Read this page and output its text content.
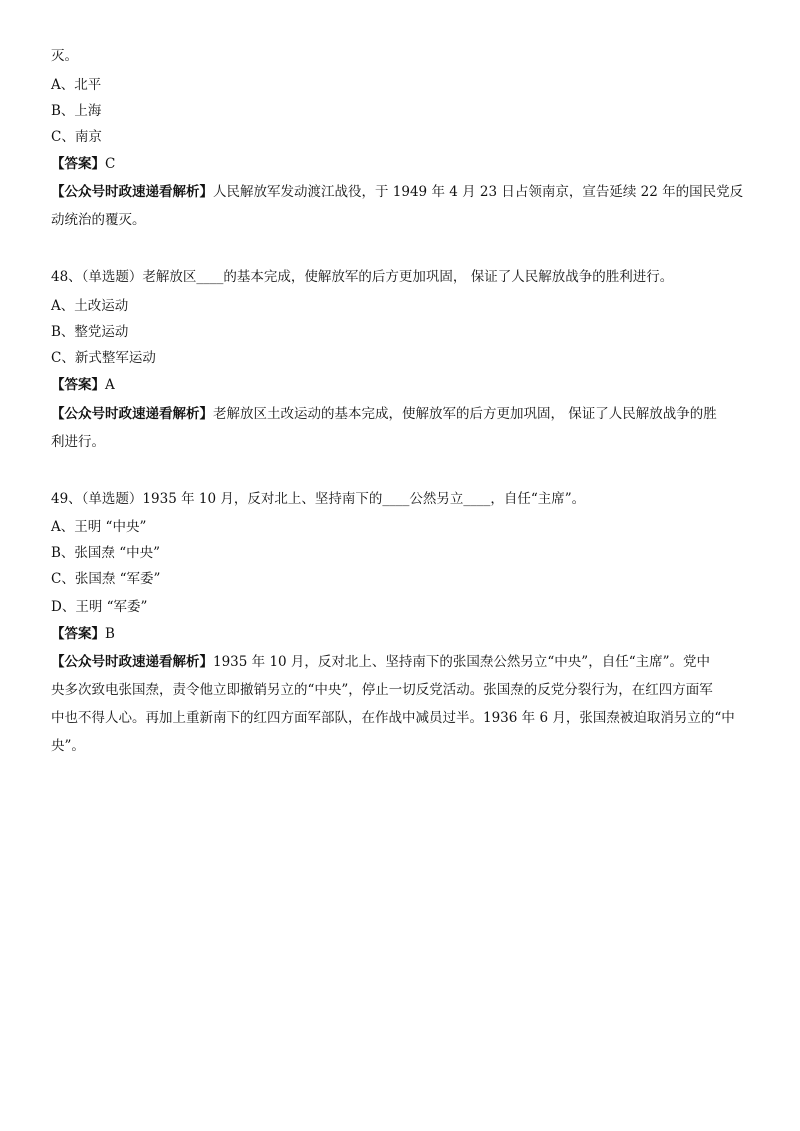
灭。
A、北平
B、上海
C、南京
【答案】C
【公众号时政速递看解析】人民解放军发动渡江战役，于 1949 年 4 月 23 日占领南京，宣告延续 22 年的国民党反
动统治的覆灭。
48、（单选题）老解放区____的基本完成，使解放军的后方更加巩固， 保证了人民解放战争的胜利进行。
A、土改运动
B、整党运动
C、新式整军运动
【答案】A
【公众号时政速递看解析】老解放区土改运动的基本完成，使解放军的后方更加巩固， 保证了人民解放战争的胜
利进行。
49、（单选题）1935 年 10 月，反对北上、坚持南下的____公然另立____，自任“主席”。
A、王明 “中央”
B、张国焘 “中央”
C、张国焘 “军委”
D、王明 “军委”
【答案】B
【公众号时政速递看解析】1935 年 10 月，反对北上、坚持南下的张国焘公然另立“中央”，自任“主席”。党中
央多次致电张国焘，责令他立即撤销另立的“中央”，停止一切反党活动。张国焘的反党分裂行为，在红四方面军
中也不得人心。再加上重新南下的红四方面军部队，在作战中减员过半。1936 年 6 月，张国焘被迫取消另立的“中
央”。
